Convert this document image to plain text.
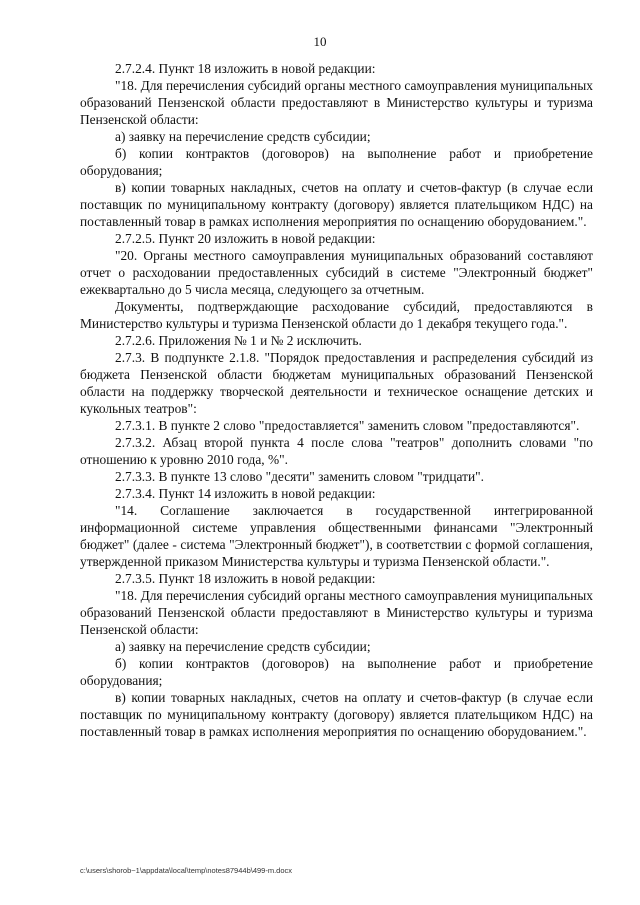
10

2.7.2.4. Пункт 18 изложить в новой редакции:

"18. Для перечисления субсидий органы местного самоуправления муниципальных образований Пензенской области предоставляют в Министерство культуры и туризма Пензенской области:

а) заявку на перечисление средств субсидии;

б) копии контрактов (договоров) на выполнение работ и приобретение оборудования;

в) копии товарных накладных, счетов на оплату и счетов-фактур (в случае если поставщик по муниципальному контракту (договору) является плательщиком НДС) на поставленный товар в рамках исполнения мероприятия по оснащению оборудованием.".

2.7.2.5. Пункт 20 изложить в новой редакции:

"20. Органы местного самоуправления муниципальных образований составляют отчет о расходовании предоставленных субсидий в системе "Электронный бюджет" ежеквартально до 5 числа месяца, следующего за отчетным.

Документы, подтверждающие расходование субсидий, предоставляются в Министерство культуры и туризма Пензенской области до 1 декабря текущего года.".

2.7.2.6. Приложения № 1 и № 2 исключить.

2.7.3. В подпункте 2.1.8. "Порядок предоставления и распределения субсидий из бюджета Пензенской области бюджетам муниципальных образований Пензенской области на поддержку творческой деятельности и техническое оснащение детских и кукольных театров":

2.7.3.1. В пункте 2 слово "предоставляется" заменить словом "предоставляются".

2.7.3.2. Абзац второй пункта 4 после слова "театров" дополнить словами "по отношению к уровню 2010 года, %".

2.7.3.3. В пункте 13 слово "десяти" заменить словом "тридцати".

2.7.3.4. Пункт 14 изложить в новой редакции:

"14. Соглашение заключается в государственной интегрированной информационной системе управления общественными финансами "Электронный бюджет" (далее - система "Электронный бюджет"), в соответствии с формой соглашения, утвержденной приказом Министерства культуры и туризма Пензенской области.".

2.7.3.5. Пункт 18 изложить в новой редакции:

"18. Для перечисления субсидий органы местного самоуправления муниципальных образований Пензенской области предоставляют в Министерство культуры и туризма Пензенской области:

а) заявку на перечисление средств субсидии;

б) копии контрактов (договоров) на выполнение работ и приобретение оборудования;

в) копии товарных накладных, счетов на оплату и счетов-фактур (в случае если поставщик по муниципальному контракту (договору) является плательщиком НДС) на поставленный товар в рамках исполнения мероприятия по оснащению оборудованием.".

c:\users\shorob~1\appdata\local\temp\notes87944b\499-m.docx
